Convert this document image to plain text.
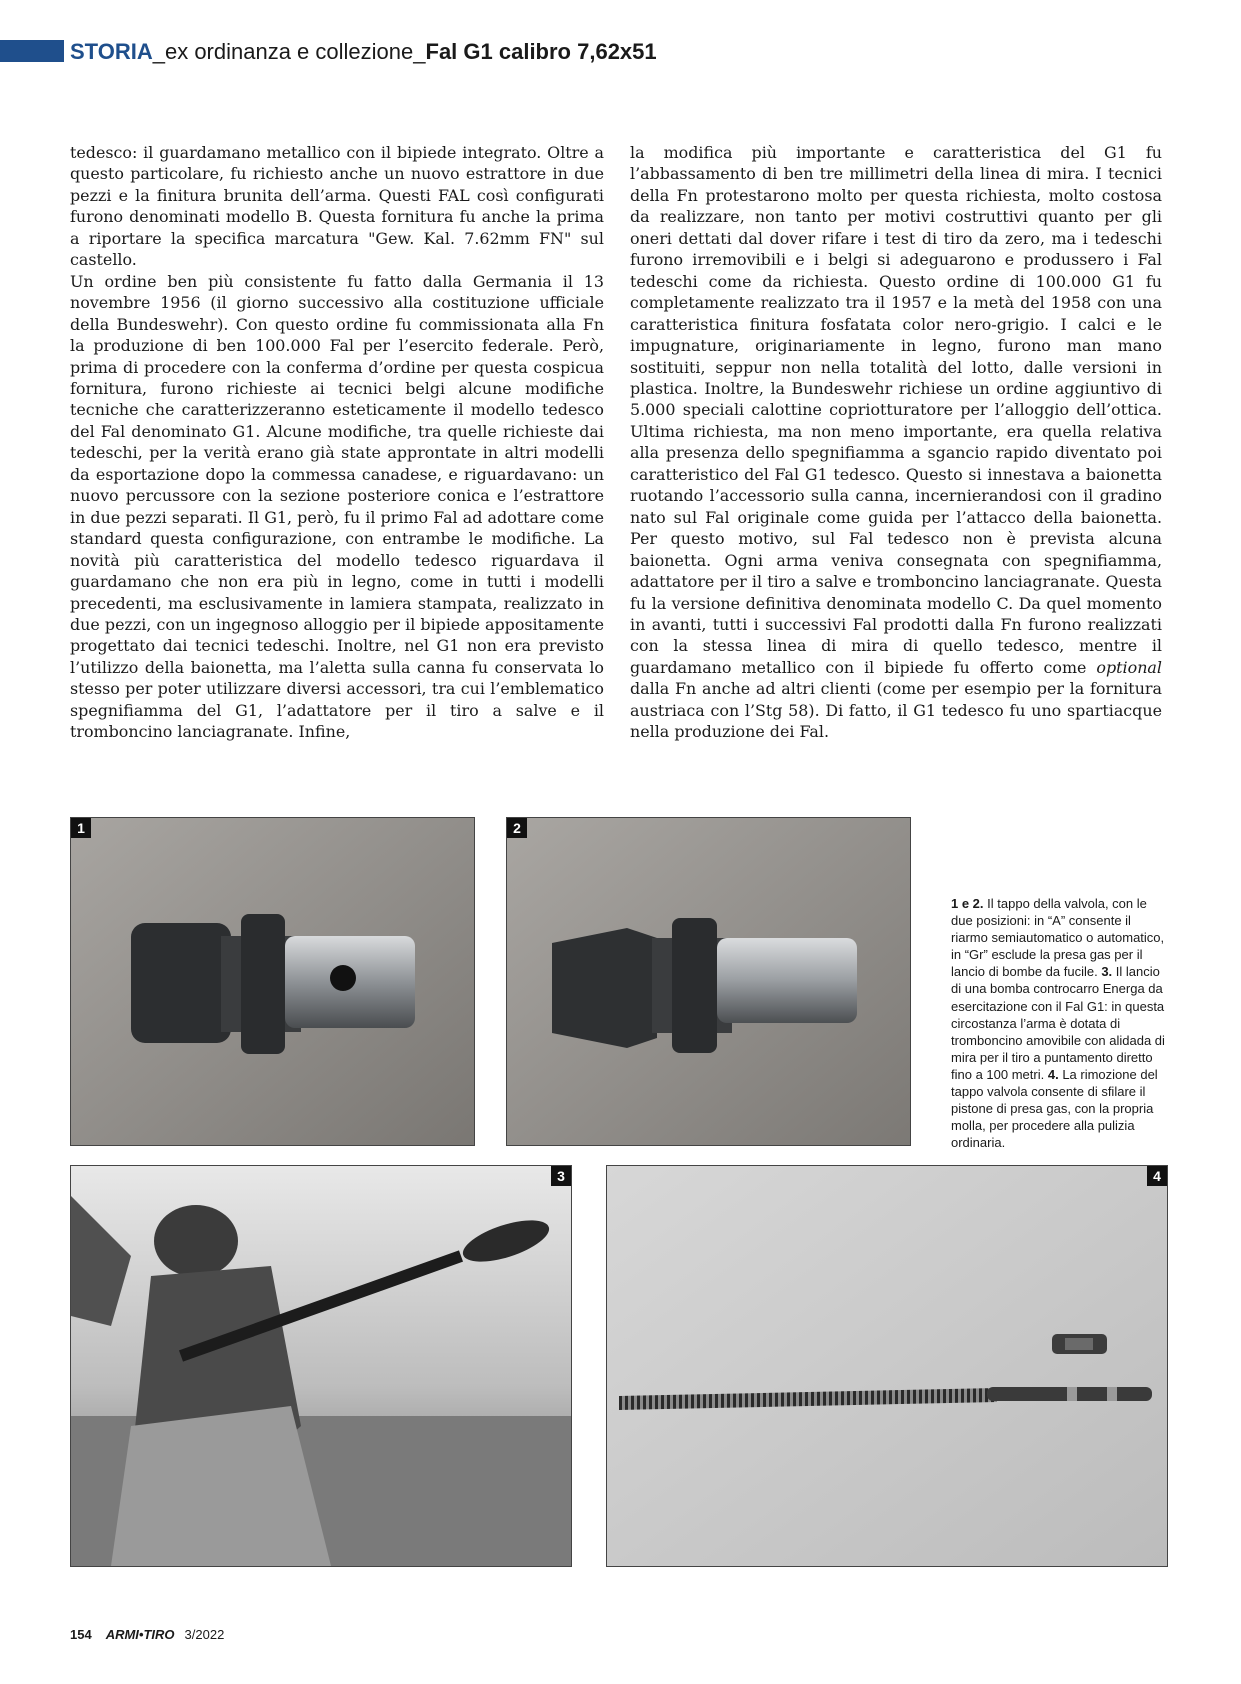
STORIA_ex ordinanza e collezione_Fal G1 calibro 7,62x51

tedesco: il guardamano metallico con il bipiede integrato. Oltre a questo particolare, fu richiesto anche un nuovo estrattore in due pezzi e la finitura brunita dell’arma. Questi FAL così configurati furono denominati modello B. Questa fornitura fu anche la prima a riportare la specifica marcatura "Gew. Kal. 7.62mm FN" sul castello.

Un ordine ben più consistente fu fatto dalla Germania il 13 novembre 1956 (il giorno successivo alla costituzione ufficiale della Bundeswehr). Con questo ordine fu commissionata alla Fn la produzione di ben 100.000 Fal per l’esercito federale. Però, prima di procedere con la conferma d’ordine per questa cospicua fornitura, furono richieste ai tecnici belgi alcune modifiche tecniche che caratterizzeranno esteticamente il modello tedesco del Fal denominato G1. Alcune modifiche, tra quelle richieste dai tedeschi, per la verità erano già state approntate in altri modelli da esportazione dopo la commessa canadese, e riguardavano: un nuovo percussore con la sezione posteriore conica e l’estrattore in due pezzi separati. Il G1, però, fu il primo Fal ad adottare come standard questa configurazione, con entrambe le modifiche. La novità più caratteristica del modello tedesco riguardava il guardamano che non era più in legno, come in tutti i modelli precedenti, ma esclusivamente in lamiera stampata, realizzato in due pezzi, con un ingegnoso alloggio per il bipiede appositamente progettato dai tecnici tedeschi. Inoltre, nel G1 non era previsto l’utilizzo della baionetta, ma l’aletta sulla canna fu conservata lo stesso per poter utilizzare diversi accessori, tra cui l’emblematico spegnifiamma del G1, l’adattatore per il tiro a salve e il tromboncino lanciagranate. Infine,

la modifica più importante e caratteristica del G1 fu l’abbassamento di ben tre millimetri della linea di mira. I tecnici della Fn protestarono molto per questa richiesta, molto costosa da realizzare, non tanto per motivi costruttivi quanto per gli oneri dettati dal dover rifare i test di tiro da zero, ma i tedeschi furono irremovibili e i belgi si adeguarono e produssero i Fal tedeschi come da richiesta. Questo ordine di 100.000 G1 fu completamente realizzato tra il 1957 e la metà del 1958 con una caratteristica finitura fosfatata color nero-grigio. I calci e le impugnature, originariamente in legno, furono man mano sostituiti, seppur non nella totalità del lotto, dalle versioni in plastica. Inoltre, la Bundeswehr richiese un ordine aggiuntivo di 5.000 speciali calottine copriotturatore per l’alloggio dell’ottica. Ultima richiesta, ma non meno importante, era quella relativa alla presenza dello spegnifiamma a sgancio rapido diventato poi caratteristico del Fal G1 tedesco. Questo si innestava a baionetta ruotando l’accessorio sulla canna, incernierandosi con il gradino nato sul Fal originale come guida per l’attacco della baionetta. Per questo motivo, sul Fal tedesco non è prevista alcuna baionetta. Ogni arma veniva consegnata con spegnifiamma, adattatore per il tiro a salve e tromboncino lanciagranate. Questa fu la versione definitiva denominata modello C. Da quel momento in avanti, tutti i successivi Fal prodotti dalla Fn furono realizzati con la stessa linea di mira di quello tedesco, mentre il guardamano metallico con il bipiede fu offerto come optional dalla Fn anche ad altri clienti (come per esempio per la fornitura austriaca con l’Stg 58). Di fatto, il G1 tedesco fu uno spartiacque nella produzione dei Fal.

1	2
3	4
1 e 2. Il tappo della valvola, con le due posizioni: in “A” consente il riarmo semiautomatico o automatico, in “Gr” esclude la presa gas per il lancio di bombe da fucile. 3. Il lancio di una bomba controcarro Energa da esercitazione con il Fal G1: in questa circostanza l’arma è dotata di tromboncino amovibile con alidada di mira per il tiro a puntamento diretto fino a 100 metri. 4. La rimozione del tappo valvola consente di sfilare il pistone di presa gas, con la propria molla, per procedere alla pulizia ordinaria.
154 ARMI•TIRO 3/2022
